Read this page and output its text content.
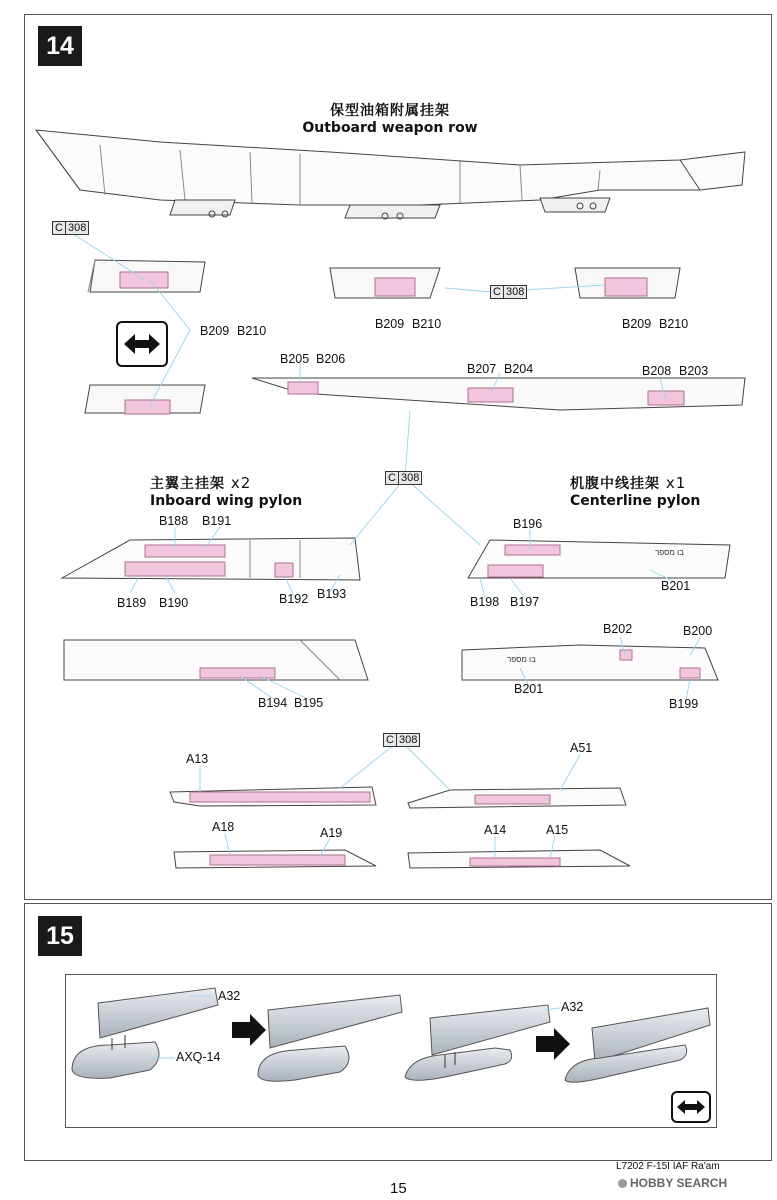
14
15
保型油箱附属挂架
Outboard weapon row
主翼主挂架 x2
Inboard wing pylon
机腹中线挂架 x1
Centerline pylon
בו מספר
בו מספר
C 308
C 308
C 308
C 308
B209 B210	B209 B210	B209 B210
B205 B206
B207 B204	B208 B203
B188 B191
B189 B190	B192 B193
B194 B195
B196
B201
B198 B197
B202	B200
B201
B199
A13
A51
A18	A19	A14	A15
A32
AXQ-14
A32
L7202 F-15I IAF Ra'am
HOBBY SEARCH
15
